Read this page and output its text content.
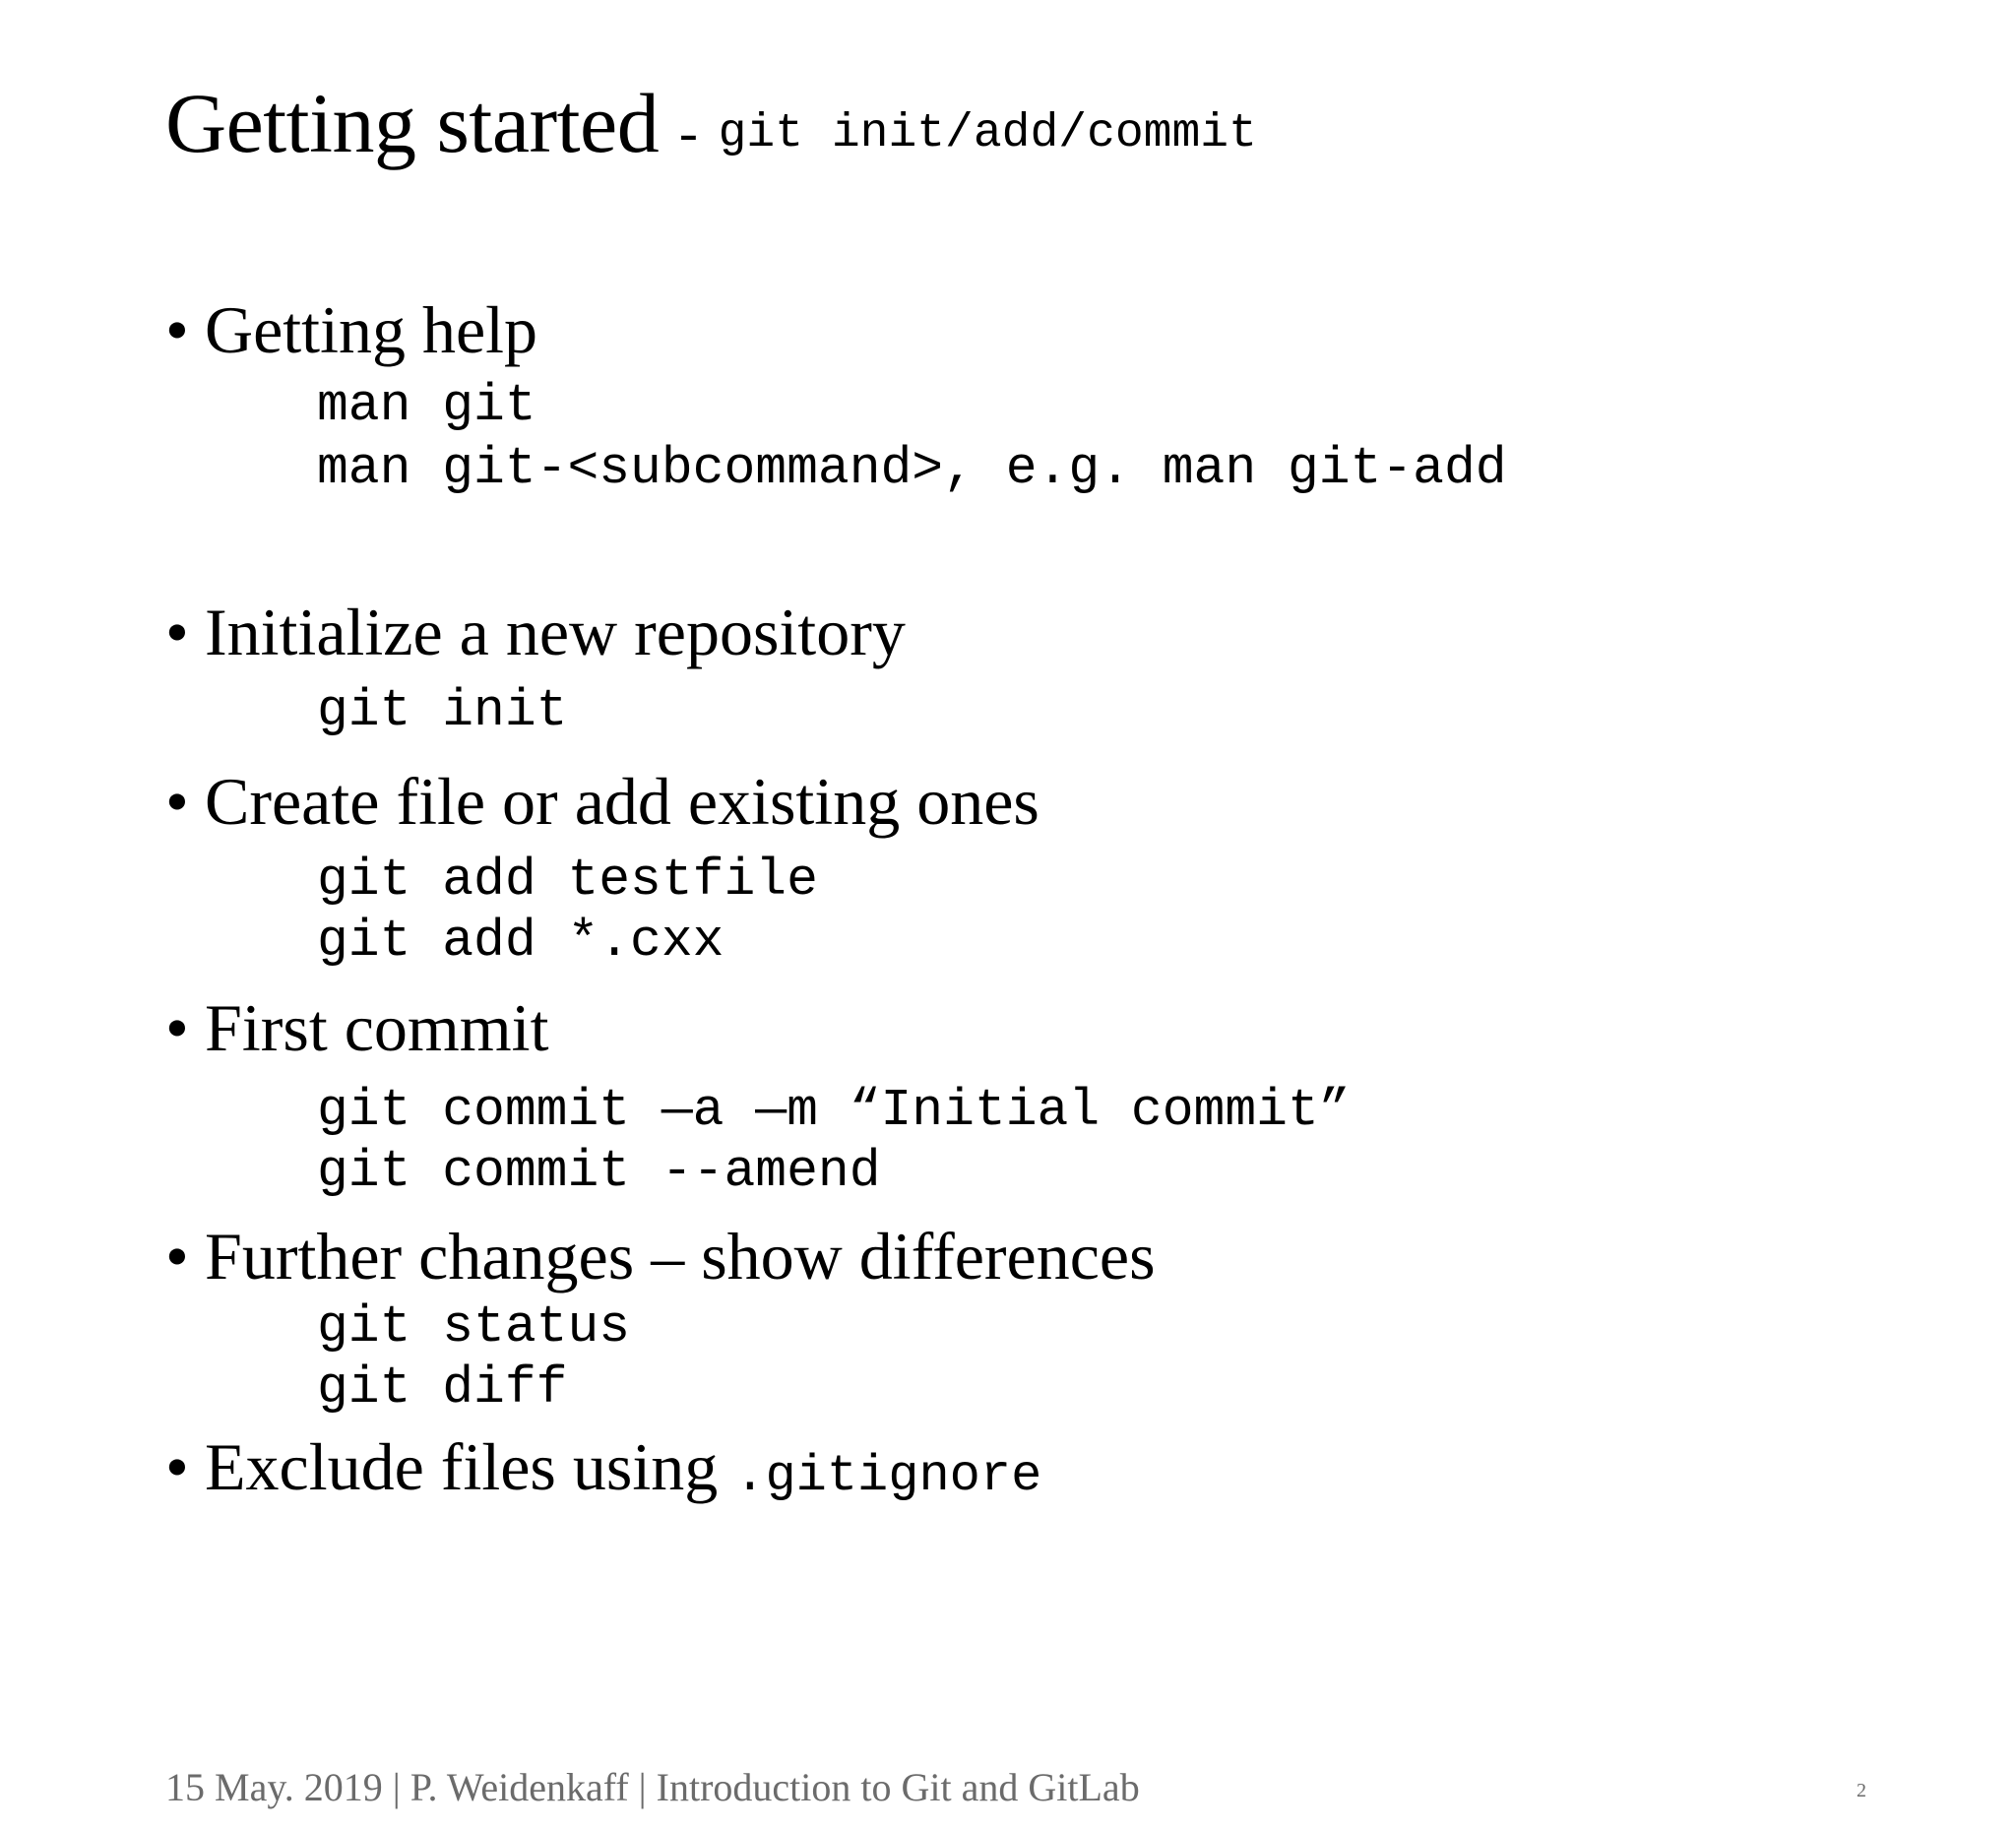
Getting started - git init/add/commit
• Getting help
man git
man git-<subcommand>, e.g. man git-add
• Initialize a new repository
git init
• Create file or add existing ones
git add testfile
git add *.cxx
• First commit
git commit —a —m “Initial commit”
git commit --amend
• Further changes – show differences
git status
git diff
• Exclude files using .gitignore
15 May. 2019 | P. Weidenkaff | Introduction to Git and GitLab	2
